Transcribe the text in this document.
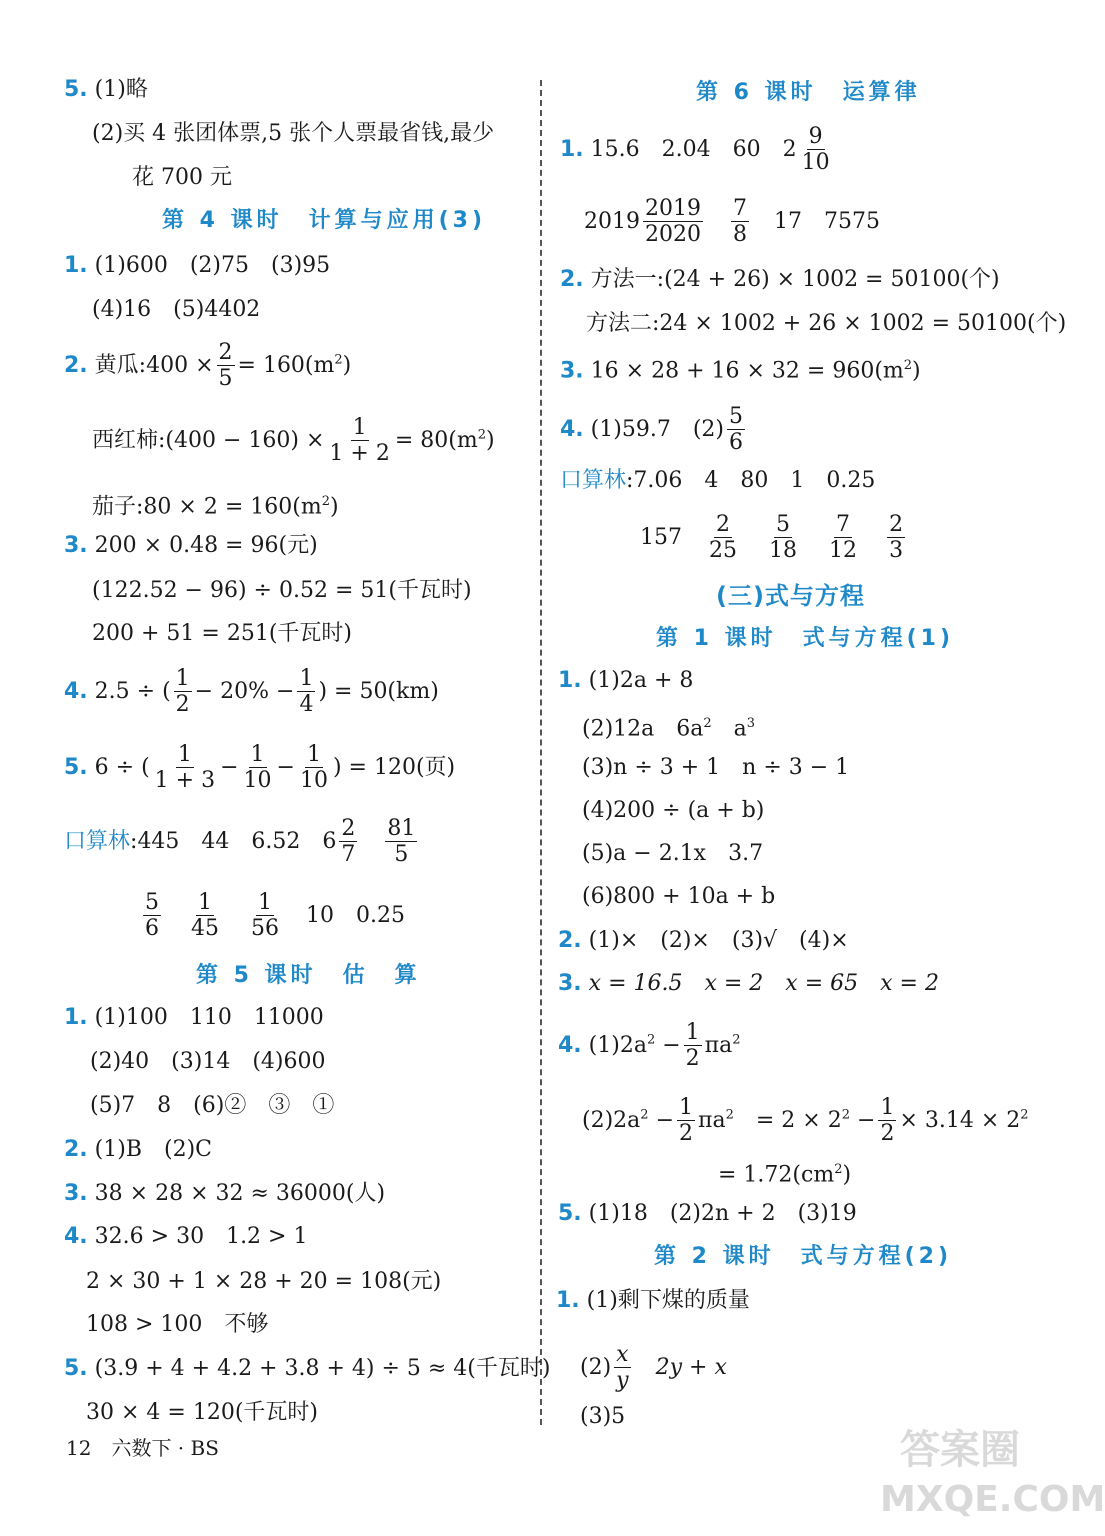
5. (1)略
(2)买 4 张团体票,5 张个人票最省钱,最少
花 700 元
第 4 课时　计算与应用(3)
1. (1)600　(2)75　(3)95
(4)16　(5)4402
2. 黄瓜:400 × $\frac{2}{5} = 160(m^2)$
西红柿:(400 − $160) \times \frac{1}{1 + 2} = 80(m^2)$
茄子:80 × $2 = 160(m^2)$
3. 200 × 0.48 = 96(元)
(122.52 − 96) ÷ 0.52 = 51(千瓦时)
200 + 51 = 251(千瓦时)
4. 2.5 ÷ ( $\frac{1}{2} - 20\% - \frac{1}{4}$ ) = 50(km)
5. 6 ÷ ( $\frac{1}{1 + 3} - \frac{1}{10} - \frac{1}{10}$ ) = 120(页)
口算林:445　44　6.52　$6 \frac{2}{7}$
　 $\frac{81}{5}$
$\frac{5}{6}$
　 $\frac{1}{45}$
　 $\frac{1}{56}$
　 10　0.25
第 5 课时　估　算
1. (1)100　110　11000
(2)40　(3)14　(4)600
(5)7　8　(6)②　③　①
2. (1)B　(2)C
3. 38 × 28 × 32 ≈ 36000(人)
4. 32.6 > 30　1.2 > 1
2 × 30 + 1 × 28 + 20 = 108(元)
108 > 100　不够
5. (3.9 + 4 + 4.2 + 3.8 + 4) ÷ 5 ≈ 4(千瓦时)
30 × 4 = 120(千瓦时)
12　六数下 · BS
第 6 课时　运算律
1. 15.6　2.04　60　$2 \frac{9}{10}$
$2019 \frac{2019}{2020}$
　 $\frac{7}{8}$
　 17　7575
2. 方法一:(24 + 26) × 1002 = 50100(个)
方法二:24 × 1002 + 26 × 1002 = 50100(个)
3. $16 \times 28 + 16 \times 32 = 960(m^2)$
4. (1)59.7　$(2) \frac{5}{6}$
口算林:7.06　4　80　1　0.25
157　 $\frac{2}{25}$
　 $\frac{5}{18}$
　 $\frac{7}{12}$
　 $\frac{2}{3}$
(三)式与方程
第 1 课时　式与方程(1)
1. (1)2a + 8
(2)12a　$6a^2$　$a^3$
(3)n ÷ 3 + 1　n ÷ 3 − 1
(4)200 ÷ (a + b)
(5)a − 2.1x　3.7
(6)800 + 10a + b
2. (1)×　(2)×　(3)√　(4)×
3. x = 16.5　x = 2　x = 65　x = 2
4. $(1)2a^2 - \frac{1}{2} \pi a^2$
$(2)2a^2 - \frac{1}{2} \pi a^2$　 = $2 \times 2^2 - \frac{1}{2} \times 3.14 \times 2^2$
= $1.72(cm^2)$
5. (1)18　(2)2n + 2　(3)19
第 2 课时　式与方程(2)
1. (1)剩下煤的质量
$(2) \frac{x}{y}$
　 2y + x
(3)5
答案圈
MXQE.COM
